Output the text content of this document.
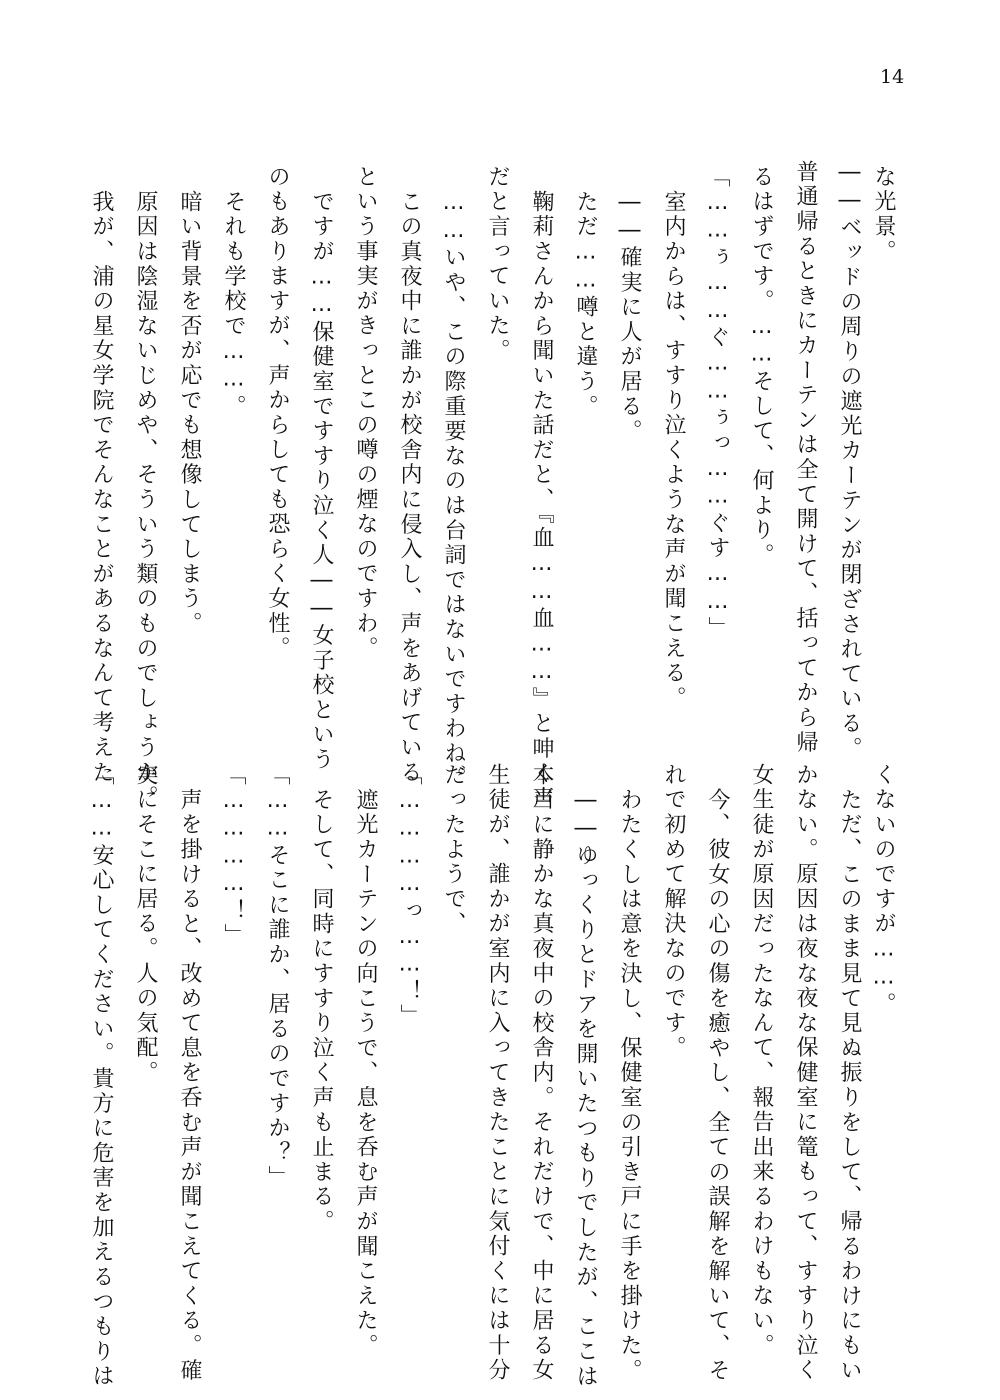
14
な光景。
――ベッドの周りの遮光カーテンが閉ざされている。
普通帰るときにカーテンは全て開けて、括ってから帰
るはずです。……そして、何より。
「……ぅ……ぐ……ぅっ……ぐす……」
室内からは、すすり泣くような声が聞こえる。
――確実に人が居る。
ただ……噂と違う。
鞠莉さんから聞いた話だと、『血……血……』と呻く声
だと言っていた。
……いや、この際重要なのは台詞ではないですわね。
この真夜中に誰かが校舎内に侵入し、声をあげている
という事実がきっとこの噂の煙なのですわ。
ですが……保健室ですすり泣く人――女子校という
のもありますが、声からしても恐らく女性。
それも学校で……。
暗い背景を否が応でも想像してしまう。
原因は陰湿ないじめや、そういう類のものでしょうか。
我が、浦の星女学院でそんなことがあるなんて考えた
くないのですが……。
ただ、このまま見て見ぬ振りをして、帰るわけにもい
かない。原因は夜な夜な保健室に篭もって、すすり泣く
女生徒が原因だったなんて、報告出来るわけもない。
今、彼女の心の傷を癒やし、全ての誤解を解いて、そ
れで初めて解決なのです。
わたくしは意を決し、保健室の引き戸に手を掛けた。
――ゆっくりとドアを開いたつもりでしたが、ここは
本当に静かな真夜中の校舎内。それだけで、中に居る女
生徒が、誰かが室内に入ってきたことに気付くには十分
だったようで、
「…………っ……！」
遮光カーテンの向こうで、息を呑む声が聞こえた。
そして、同時にすすり泣く声も止まる。
「……そこに誰か、居るのですか？」
「…………！」
声を掛けると、改めて息を呑む声が聞こえてくる。確
実にそこに居る。人の気配。
「……安心してください。貴方に危害を加えるつもりは
